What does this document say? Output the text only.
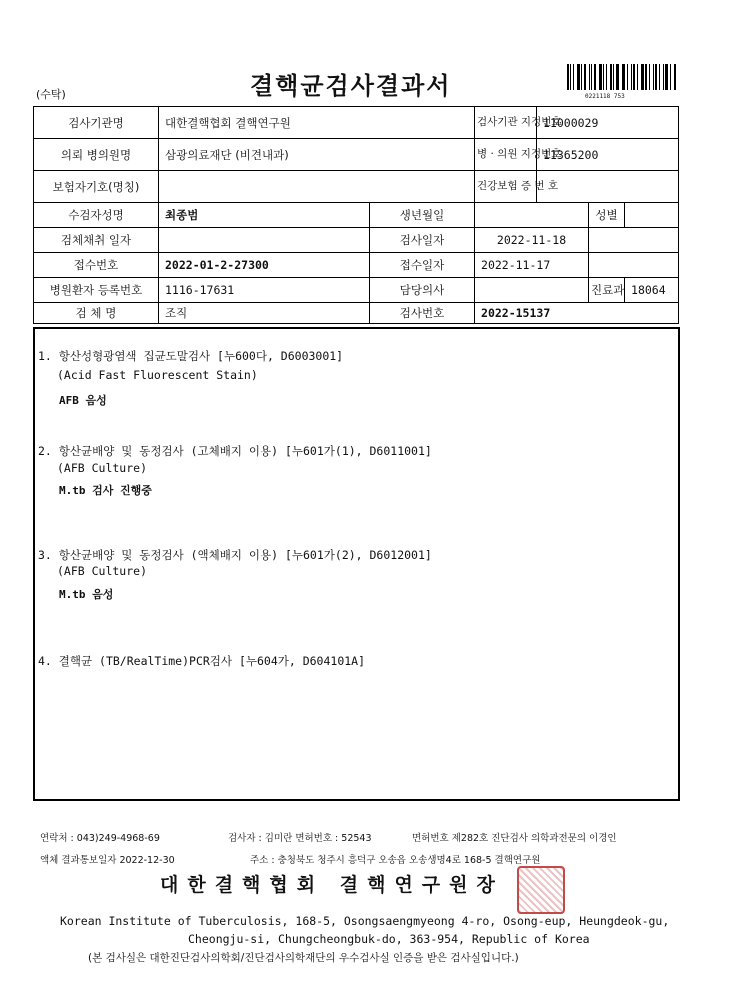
(수탁)	결핵균검사결과서	0221118 753
검사기관명	대한결핵협회 결핵연구원		검사기관 지정번호	11000029		
의뢰 병의원명	삼광의료재단 (비견내과)		병 · 의원 지정번호	11365200		
보험자기호(명칭)			건강보험 증 번 호			
수검자성명	최종범	생년월일			성별	
검체채취 일자		검사일자	2022-11-18			
접수번호	2022-01-2-27300	접수일자	2022-11-17			
병원환자 등록번호	1116-17631	담당의사			진료과	18064
검 체 명	조직	검사번호	2022-15137			
1. 항산성형광염색 집균도말검사 [누600다, D6003001]
(Acid Fast Fluorescent Stain)
AFB 음성
2. 항산균배양 및 동정검사 (고체배지 이용) [누601가(1), D6011001]
(AFB Culture)
M.tb 검사 진행중
3. 항산균배양 및 동정검사 (액체배지 이용) [누601가(2), D6012001]
(AFB Culture)
M.tb 음성
4. 결핵균 (TB/RealTime)PCR검사 [누604가, D604101A]
연락처 : 043)249-4968-69	검사자 : 김미란 면허번호 : 52543	면허번호 제282호 진단검사 의학과전문의 이경인
액체 결과통보일자 2022-12-30	주소 : 충청북도 청주시 흥덕구 오송읍 오송생명4로 168-5 결핵연구원
대한결핵협회 결핵연구원장
Korean Institute of Tuberculosis, 168-5, Osongsaengmyeong 4-ro, Osong-eup, Heungdeok-gu,
Cheongju-si, Chungcheongbuk-do, 363-954, Republic of Korea
(본 검사실은 대한진단검사의학회/진단검사의학재단의 우수검사실 인증을 받은 검사실입니다.)
